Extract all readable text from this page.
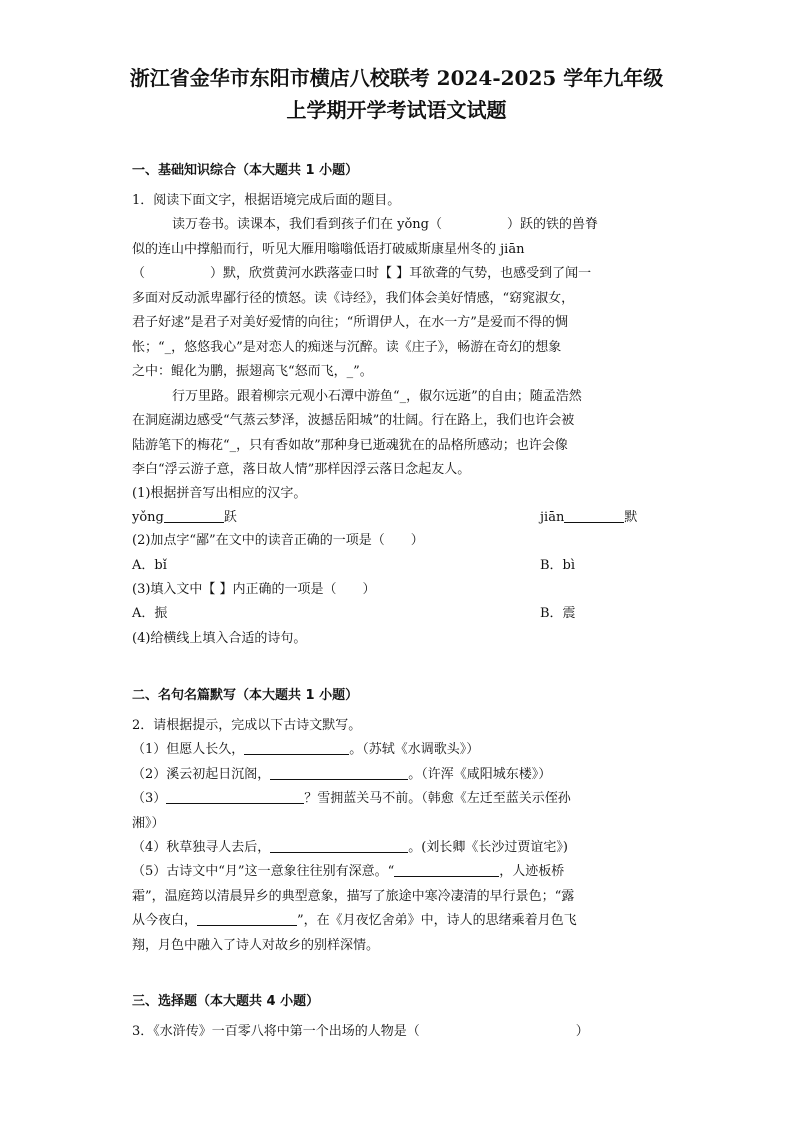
浙江省金华市东阳市横店八校联考 2024-2025 学年九年级
上学期开学考试语文试题
一、基础知识综合（本大题共 1 小题）
1．阅读下面文字，根据语境完成后面的题目。
读万卷书。读课本，我们看到孩子们在 yǒng（　　　　　）跃的铁的兽脊
似的连山中撑船而行，听见大雁用嗡嗡低语打破威斯康星州冬的 jiān
（　　　　　）默，欣赏黄河水跌落壶口时【 】耳欲聋的气势，也感受到了闻一
多面对反动派卑鄙行径的愤怒。读《诗经》，我们体会美好情感，“窈窕淑女，
君子好逑”是君子对美好爱情的向往；“所谓伊人，在水一方”是爱而不得的惆
怅；“_，悠悠我心”是对恋人的痴迷与沉醉。读《庄子》，畅游在奇幻的想象
之中：鲲化为鹏，振翅高飞“怒而飞，_”。
行万里路。跟着柳宗元观小石潭中游鱼“_，俶尔远逝”的自由；随孟浩然
在洞庭湖边感受“气蒸云梦泽，波撼岳阳城”的壮阔。行在路上，我们也许会被
陆游笔下的梅花“_，只有香如故”那种身已逝魂犹在的品格所感动；也许会像
李白“浮云游子意，落日故人情”那样因浮云落日念起友人。
(1)根据拼音写出相应的汉字。
yǒng	跃	jiān	默
(2)加点字“鄙”在文中的读音正确的一项是（　　）
A．bǐ	B．bì
(3)填入文中【 】内正确的一项是（　　）
A．振	B．震
(4)给横线上填入合适的诗句。
二、名句名篇默写（本大题共 1 小题）
2．请根据提示，完成以下古诗文默写。
（1）但愿人长久，	。（苏轼《水调歌头》）
（2）溪云初起日沉阁，	。（许浑《咸阳城东楼》）
（3）	？雪拥蓝关马不前。（韩愈《左迁至蓝关示侄孙
湘》）
（4）秋草独寻人去后，	。(刘长卿《长沙过贾谊宅》)
（5）古诗文中“月”这一意象往往别有深意。“	，人迹板桥
霜”，温庭筠以清晨异乡的典型意象，描写了旅途中寒冷凄清的早行景色；“露
从今夜白，	”，在《月夜忆舍弟》中，诗人的思绪乘着月色飞
翔，月色中融入了诗人对故乡的别样深情。
三、选择题（本大题共 4 小题）
3．《水浒传》一百零八将中第一个出场的人物是（　　　　　　　　　　　　）
